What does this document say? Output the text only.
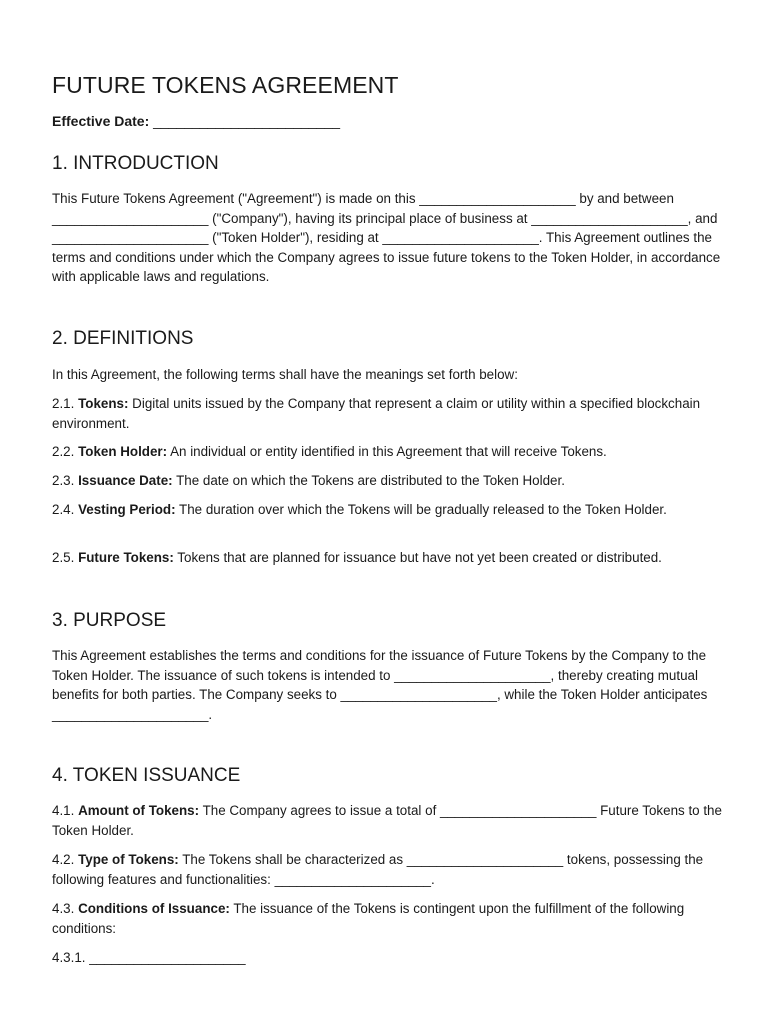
FUTURE TOKENS AGREEMENT
Effective Date: ________________________
1. INTRODUCTION

This Future Tokens Agreement ("Agreement") is made on this _____________________ by and between _____________________ ("Company"), having its principal place of business at _____________________, and _____________________ ("Token Holder"), residing at _____________________. This Agreement outlines the terms and conditions under which the Company agrees to issue future tokens to the Token Holder, in accordance with applicable laws and regulations.

2. DEFINITIONS

In this Agreement, the following terms shall have the meanings set forth below:

2.1. Tokens: Digital units issued by the Company that represent a claim or utility within a specified blockchain environment.

2.2. Token Holder: An individual or entity identified in this Agreement that will receive Tokens.

2.3. Issuance Date: The date on which the Tokens are distributed to the Token Holder.

2.4. Vesting Period: The duration over which the Tokens will be gradually released to the Token Holder.

2.5. Future Tokens: Tokens that are planned for issuance but have not yet been created or distributed.

3. PURPOSE

This Agreement establishes the terms and conditions for the issuance of Future Tokens by the Company to the Token Holder. The issuance of such tokens is intended to _____________________, thereby creating mutual benefits for both parties. The Company seeks to _____________________, while the Token Holder anticipates _____________________.

4. TOKEN ISSUANCE

4.1. Amount of Tokens: The Company agrees to issue a total of _____________________ Future Tokens to the Token Holder.

4.2. Type of Tokens: The Tokens shall be characterized as _____________________ tokens, possessing the following features and functionalities: _____________________.

4.3. Conditions of Issuance: The issuance of the Tokens is contingent upon the fulfillment of the following conditions:

4.3.1. _____________________
